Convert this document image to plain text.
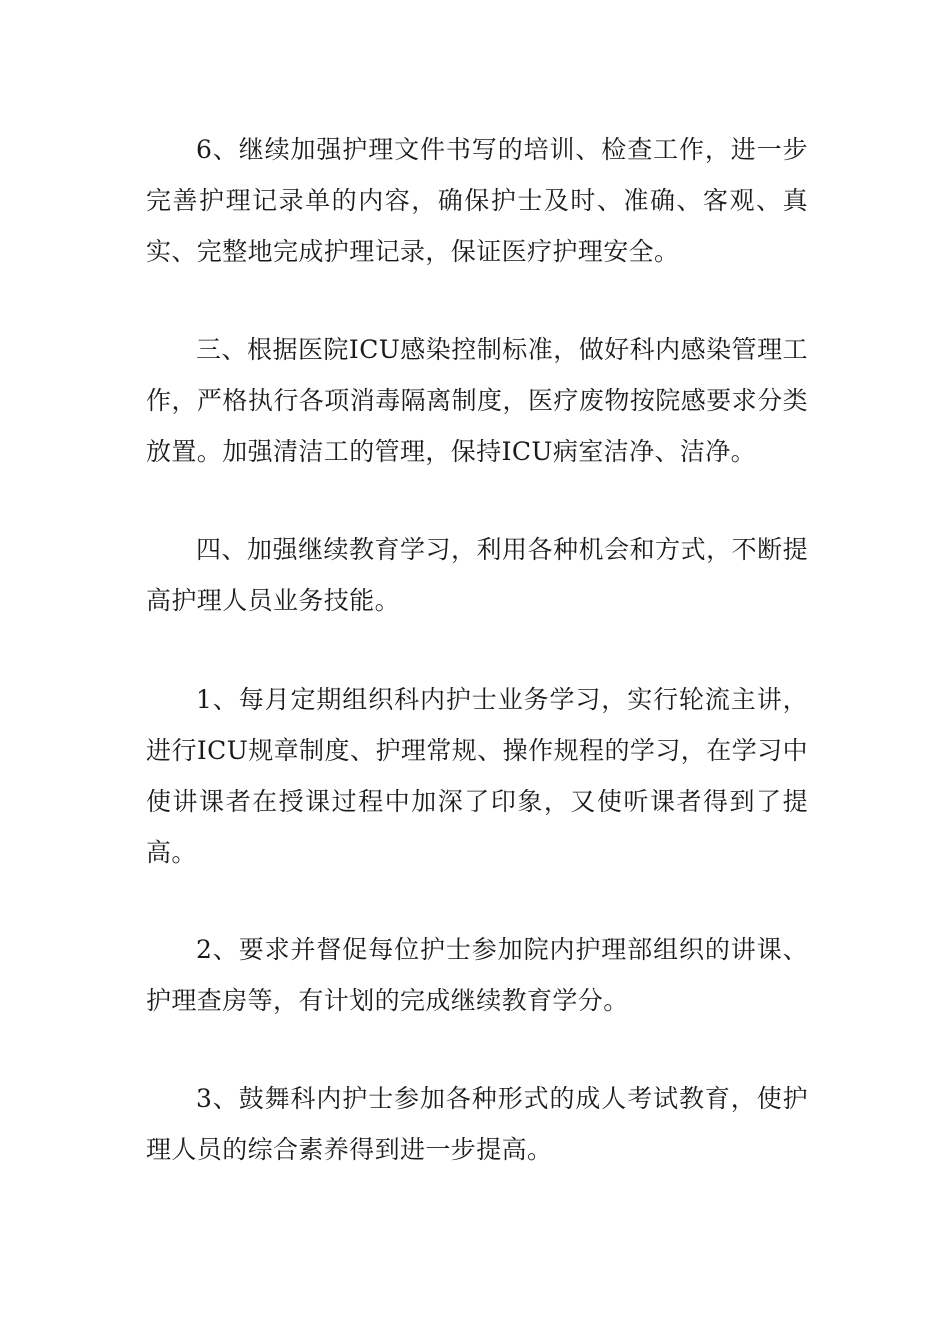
6、继续加强护理文件书写的培训、检查工作，进一步完善护理记录单的内容，确保护士及时、准确、客观、真实、完整地完成护理记录，保证医疗护理安全。

三、根据医院ICU感染控制标准，做好科内感染管理工作，严格执行各项消毒隔离制度，医疗废物按院感要求分类放置。加强清洁工的管理，保持ICU病室洁净、洁净。

四、加强继续教育学习，利用各种机会和方式，不断提高护理人员业务技能。

1、每月定期组织科内护士业务学习，实行轮流主讲，进行ICU规章制度、护理常规、操作规程的学习，在学习中使讲课者在授课过程中加深了印象，又使听课者得到了提高。

2、要求并督促每位护士参加院内护理部组织的讲课、护理查房等，有计划的完成继续教育学分。

3、鼓舞科内护士参加各种形式的成人考试教育，使护理人员的综合素养得到进一步提高。
